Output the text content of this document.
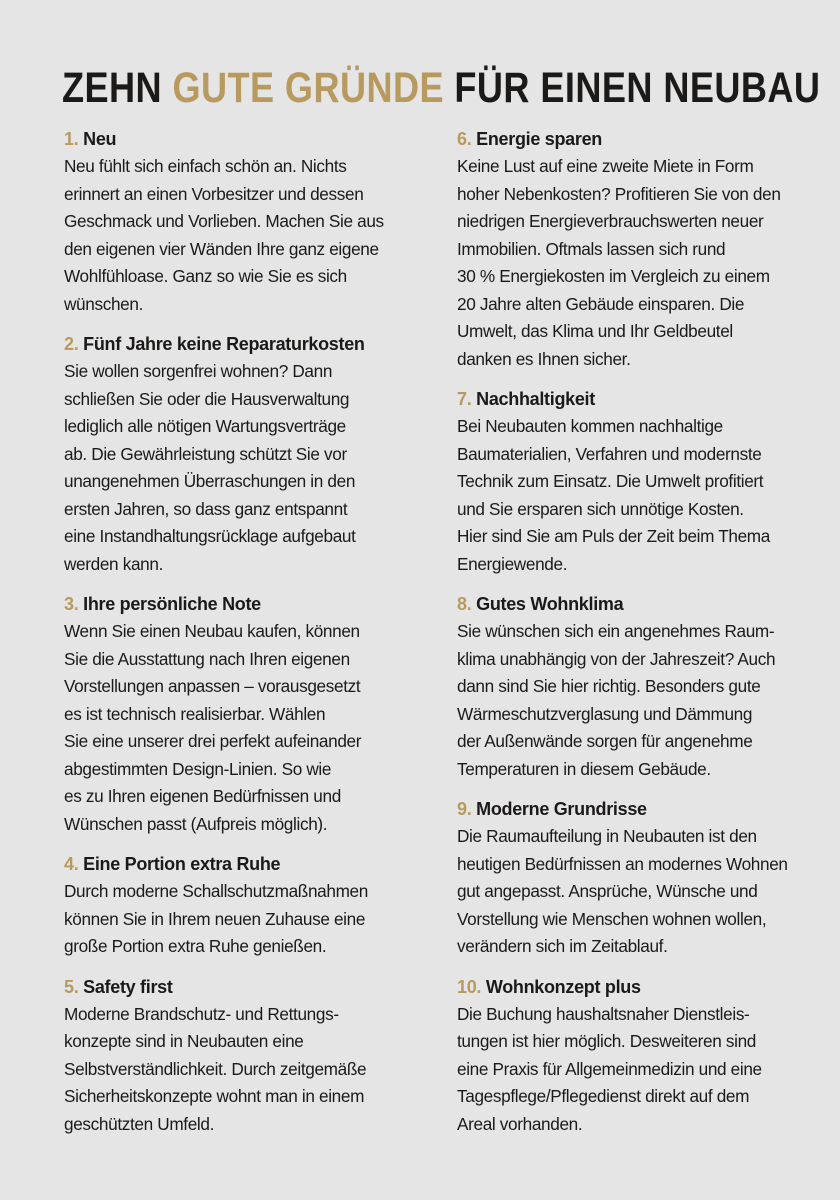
ZEHN GUTE GRÜNDE FÜR EINEN NEUBAU
1. Neu
Neu fühlt sich einfach schön an. Nichts
erinnert an einen Vorbesitzer und dessen
Geschmack und Vorlieben. Machen Sie aus
den eigenen vier Wänden Ihre ganz eigene
Wohlfühloase. Ganz so wie Sie es sich
wünschen.
2. Fünf Jahre keine Reparaturkosten
Sie wollen sorgenfrei wohnen? Dann
schließen Sie oder die Hausverwaltung
lediglich alle nötigen Wartungsverträge
ab. Die Gewährleistung schützt Sie vor
unangenehmen Überraschungen in den
ersten Jahren, so dass ganz entspannt
eine Instandhaltungsrücklage aufgebaut
werden kann.
3. Ihre persönliche Note
Wenn Sie einen Neubau kaufen, können
Sie die Ausstattung nach Ihren eigenen
Vorstellungen anpassen – vorausgesetzt
es ist technisch realisierbar. Wählen
Sie eine unserer drei perfekt aufeinander
abgestimmten Design-Linien. So wie
es zu Ihren eigenen Bedürfnissen und
Wünschen passt (Aufpreis möglich).
4. Eine Portion extra Ruhe
Durch moderne Schallschutzmaßnahmen
können Sie in Ihrem neuen Zuhause eine
große Portion extra Ruhe genießen.
5. Safety first
Moderne Brandschutz- und Rettungs-
konzepte sind in Neubauten eine
Selbstverständlichkeit. Durch zeitgemäße
Sicherheitskonzepte wohnt man in einem
geschützten Umfeld.
6. Energie sparen
Keine Lust auf eine zweite Miete in Form
hoher Nebenkosten? Profitieren Sie von den
niedrigen Energieverbrauchswerten neuer
Immobilien. Oftmals lassen sich rund
30 % Energiekosten im Vergleich zu einem
20 Jahre alten Gebäude einsparen. Die
Umwelt, das Klima und Ihr Geldbeutel
danken es Ihnen sicher.
7. Nachhaltigkeit
Bei Neubauten kommen nachhaltige
Baumaterialien, Verfahren und modernste
Technik zum Einsatz. Die Umwelt profitiert
und Sie ersparen sich unnötige Kosten.
Hier sind Sie am Puls der Zeit beim Thema
Energiewende.
8. Gutes Wohnklima
Sie wünschen sich ein angenehmes Raum-
klima unabhängig von der Jahreszeit? Auch
dann sind Sie hier richtig. Besonders gute
Wärmeschutzverglasung und Dämmung
der Außenwände sorgen für angenehme
Temperaturen in diesem Gebäude.
9. Moderne Grundrisse
Die Raumaufteilung in Neubauten ist den
heutigen Bedürfnissen an modernes Wohnen
gut angepasst. Ansprüche, Wünsche und
Vorstellung wie Menschen wohnen wollen,
verändern sich im Zeitablauf.
10. Wohnkonzept plus
Die Buchung haushaltsnaher Dienstleis-
tungen ist hier möglich. Desweiteren sind
eine Praxis für Allgemeinmedizin und eine
Tagespflege/Pflegedienst direkt auf dem
Areal vorhanden.
